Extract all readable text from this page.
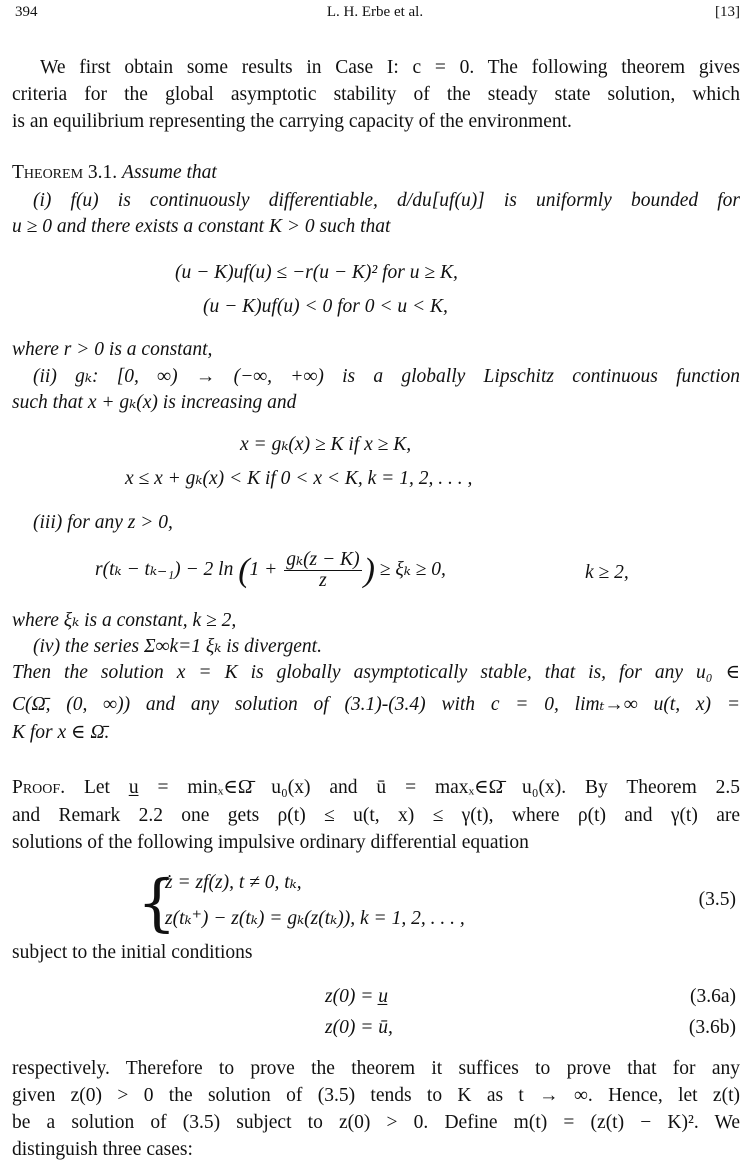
394	L. H. Erbe et al.	[13]
We first obtain some results in Case I: c = 0. The following theorem gives
criteria for the global asymptotic stability of the steady state solution, which
is an equilibrium representing the carrying capacity of the environment.
Theorem 3.1. Assume that
(i) f(u) is continuously differentiable, d/du[uf(u)] is uniformly bounded for
u ≥ 0 and there exists a constant K > 0 such that
(u − K)uf(u) ≤ −r(u − K)² for u ≥ K,
(u − K)uf(u) < 0 for 0 < u < K,
where r > 0 is a constant,
(ii) gₖ: [0, ∞) → (−∞, +∞) is a globally Lipschitz continuous function
such that x + gₖ(x) is increasing and
x = gₖ(x) ≥ K if x ≥ K,
x ≤ x + gₖ(x) < K if 0 < x < K, k = 1, 2, . . . ,
(iii) for any z > 0,
r(tₖ − tₖ₋₁) − 2 $\ln (1 + \frac{\text{gₖ(z − K)}}{z}$ ) ≥ ξₖ ≥ 0,	k ≥ 2,
where ξₖ is a constant, k ≥ 2,
(iv) the series Σ∞k=1 ξₖ is divergent.
Then the solution x = K is globally asymptotically stable, that is, for any u₀ ∈
C(Ω̄, (0, ∞)) and any solution of (3.1)-(3.4) with c = 0, limₜ→∞ u(t, x) =
K for x ∈ Ω̄.
Proof. Let u̲ = minₓ∈Ω̄ u₀(x) and ū = maxₓ∈Ω̄ u₀(x). By Theorem 2.5
and Remark 2.2 one gets ρ(t) ≤ u(t, x) ≤ γ(t), where ρ(t) and γ(t) are
solutions of the following impulsive ordinary differential equation
{
ż = zf(z), t ≠ 0, tₖ,
z(tₖ⁺) − z(tₖ) = gₖ(z(tₖ)), k = 1, 2, . . . ,
(3.5)
subject to the initial conditions
z(0) = u̲	(3.6a)
z(0) = ū,	(3.6b)
respectively. Therefore to prove the theorem it suffices to prove that for any
given z(0) > 0 the solution of (3.5) tends to K as t → ∞. Hence, let z(t)
be a solution of (3.5) subject to z(0) > 0. Define m(t) = (z(t) − K)². We
distinguish three cases:
